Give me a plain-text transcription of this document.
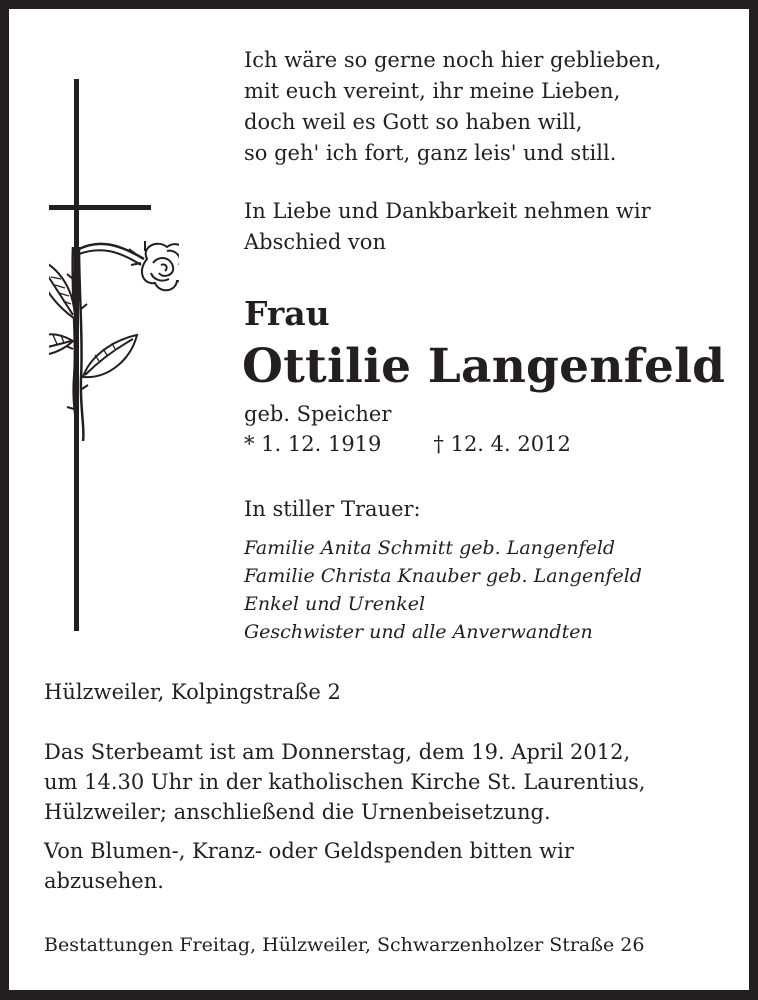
Ich wäre so gerne noch hier geblieben,
mit euch vereint, ihr meine Lieben,
doch weil es Gott so haben will,
so geh' ich fort, ganz leis' und still.
In Liebe und Dankbarkeit nehmen wir
Abschied von
Frau
Ottilie Langenfeld
geb. Speicher
* 1. 12. 1919 † 12. 4. 2012
In stiller Trauer:
Familie Anita Schmitt geb. Langenfeld
Familie Christa Knauber geb. Langenfeld
Enkel und Urenkel
Geschwister und alle Anverwandten
Hülzweiler, Kolpingstraße 2
Das Sterbeamt ist am Donnerstag, dem 19. April 2012,
um 14.30 Uhr in der katholischen Kirche St. Laurentius,
Hülzweiler; anschließend die Urnenbeisetzung.
Von Blumen-, Kranz- oder Geldspenden bitten wir
abzusehen.
Bestattungen Freitag, Hülzweiler, Schwarzenholzer Straße 26
